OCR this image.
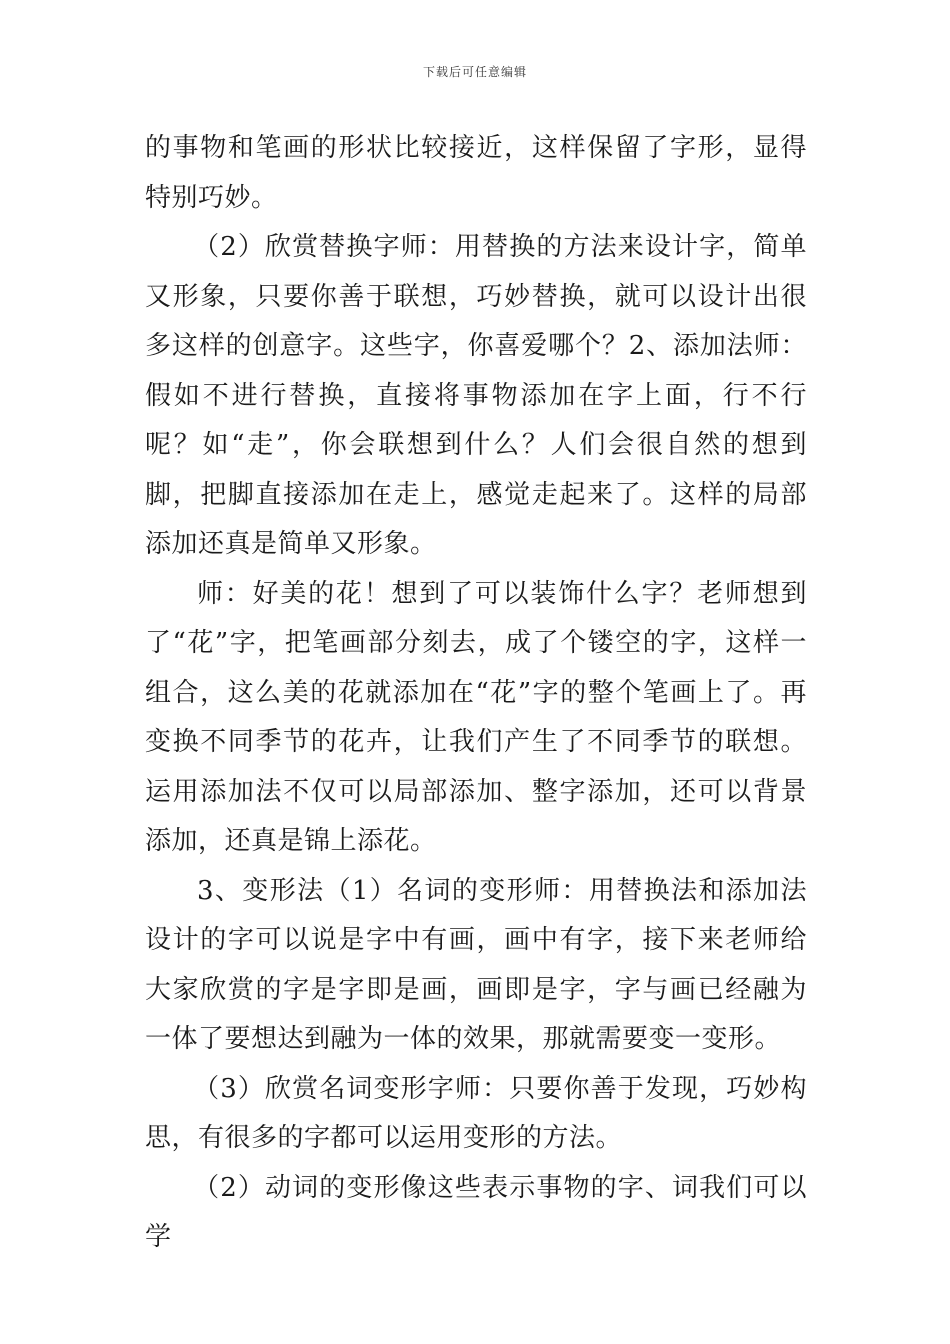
下载后可任意编辑

的事物和笔画的形状比较接近，这样保留了字形，显得特别巧妙。

（2）欣赏替换字师：用替换的方法来设计字，简单又形象，只要你善于联想，巧妙替换，就可以设计出很多这样的创意字。这些字，你喜爱哪个？2、添加法师：假如不进行替换，直接将事物添加在字上面，行不行呢？如“走”，你会联想到什么？人们会很自然的想到脚，把脚直接添加在走上，感觉走起来了。这样的局部添加还真是简单又形象。

师：好美的花！想到了可以装饰什么字？老师想到了“花”字，把笔画部分刻去，成了个镂空的字，这样一组合，这么美的花就添加在“花”字的整个笔画上了。再变换不同季节的花卉，让我们产生了不同季节的联想。运用添加法不仅可以局部添加、整字添加，还可以背景添加，还真是锦上添花。

3、变形法（1）名词的变形师：用替换法和添加法设计的字可以说是字中有画，画中有字，接下来老师给大家欣赏的字是字即是画，画即是字，字与画已经融为一体了要想达到融为一体的效果，那就需要变一变形。

（3）欣赏名词变形字师：只要你善于发现，巧妙构思，有很多的字都可以运用变形的方法。

（2）动词的变形像这些表示事物的字、词我们可以学
